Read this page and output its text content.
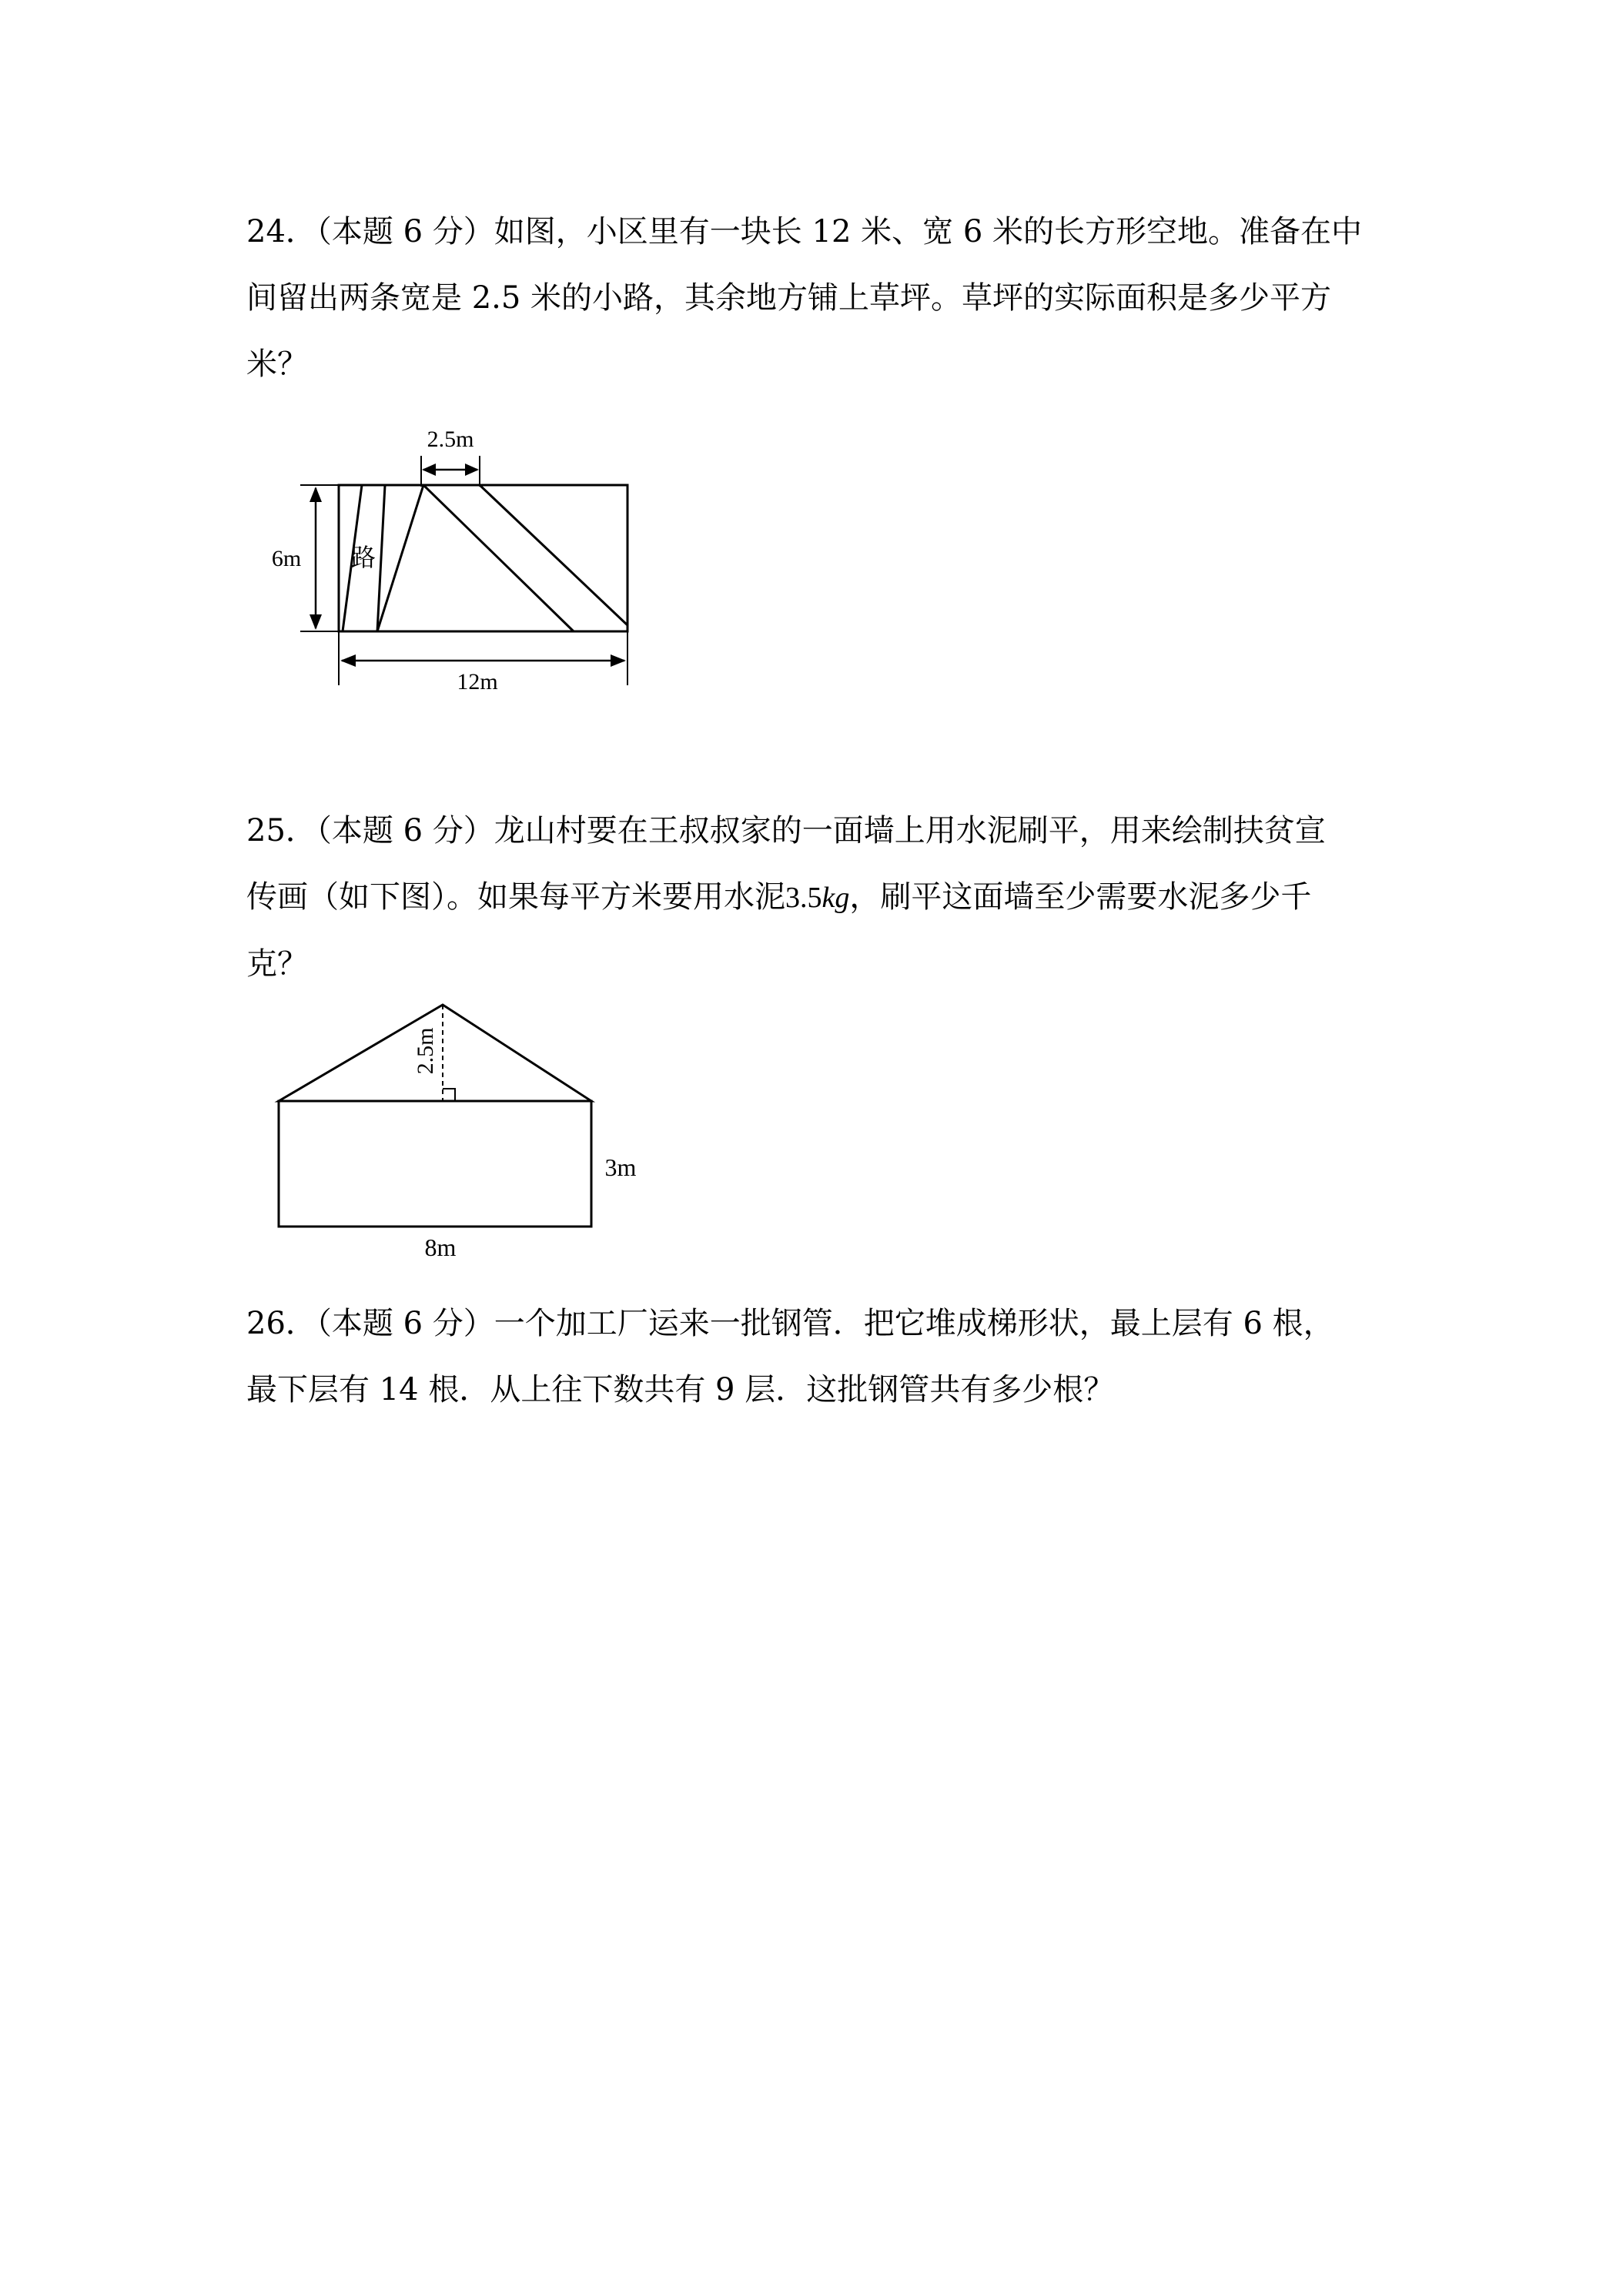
24．（本题 6 分）如图，小区里有一块长 12 米、宽 6 米的长方形空地。准备在中

间留出两条宽是 2.5 米的小路，其余地方铺上草坪。草坪的实际面积是多少平方

米？

2.5m
6m 路
12m

25．（本题 6 分）龙山村要在王叔叔家的一面墙上用水泥刷平，用来绘制扶贫宣

传画（如下图）。如果每平方米要用水泥3.5kg，刷平这面墙至少需要水泥多少千

克？

2.5m
3m
8m

26．（本题 6 分）一个加工厂运来一批钢管．把它堆成梯形状，最上层有 6 根，

最下层有 14 根．从上往下数共有 9 层．这批钢管共有多少根？
